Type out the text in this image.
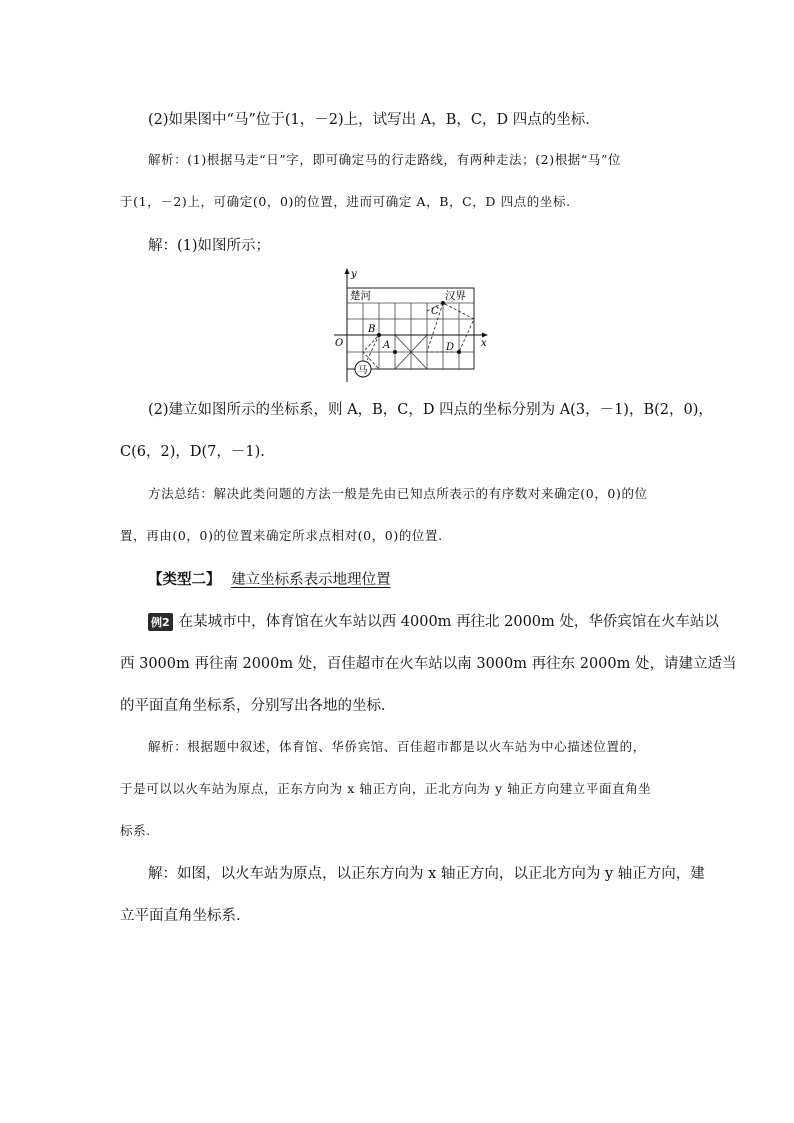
(2)如果图中“马”位于(1，－2)上，试写出 A，B，C，D 四点的坐标．
解析：(1)根据马走“日”字，即可确定马的行走路线，有两种走法；(2)根据“马”位
于(1，－2)上，可确定(0，0)的位置，进而可确定 A，B，C，D 四点的坐标.
解：(1)如图所示；
y
x
O
楚河	汉界
A
B
C
D
马
(2)建立如图所示的坐标系，则 A，B，C，D 四点的坐标分别为 A(3，－1)，B(2，0)，
C(6，2)，D(7，－1).
方法总结：解决此类问题的方法一般是先由已知点所表示的有序数对来确定(0，0)的位
置，再由(0，0)的位置来确定所求点相对(0，0)的位置.
【类型二】 建立坐标系表示地理位置
例2 在某城市中，体育馆在火车站以西 4000m 再往北 2000m 处，华侨宾馆在火车站以
西 3000m 再往南 2000m 处，百佳超市在火车站以南 3000m 再往东 2000m 处，请建立适当
的平面直角坐标系，分别写出各地的坐标．
解析：根据题中叙述，体育馆、华侨宾馆、百佳超市都是以火车站为中心描述位置的，
于是可以以火车站为原点，正东方向为 x 轴正方向，正北方向为 y 轴正方向建立平面直角坐
标系.
解：如图，以火车站为原点，以正东方向为 x 轴正方向，以正北方向为 y 轴正方向，建
立平面直角坐标系.
